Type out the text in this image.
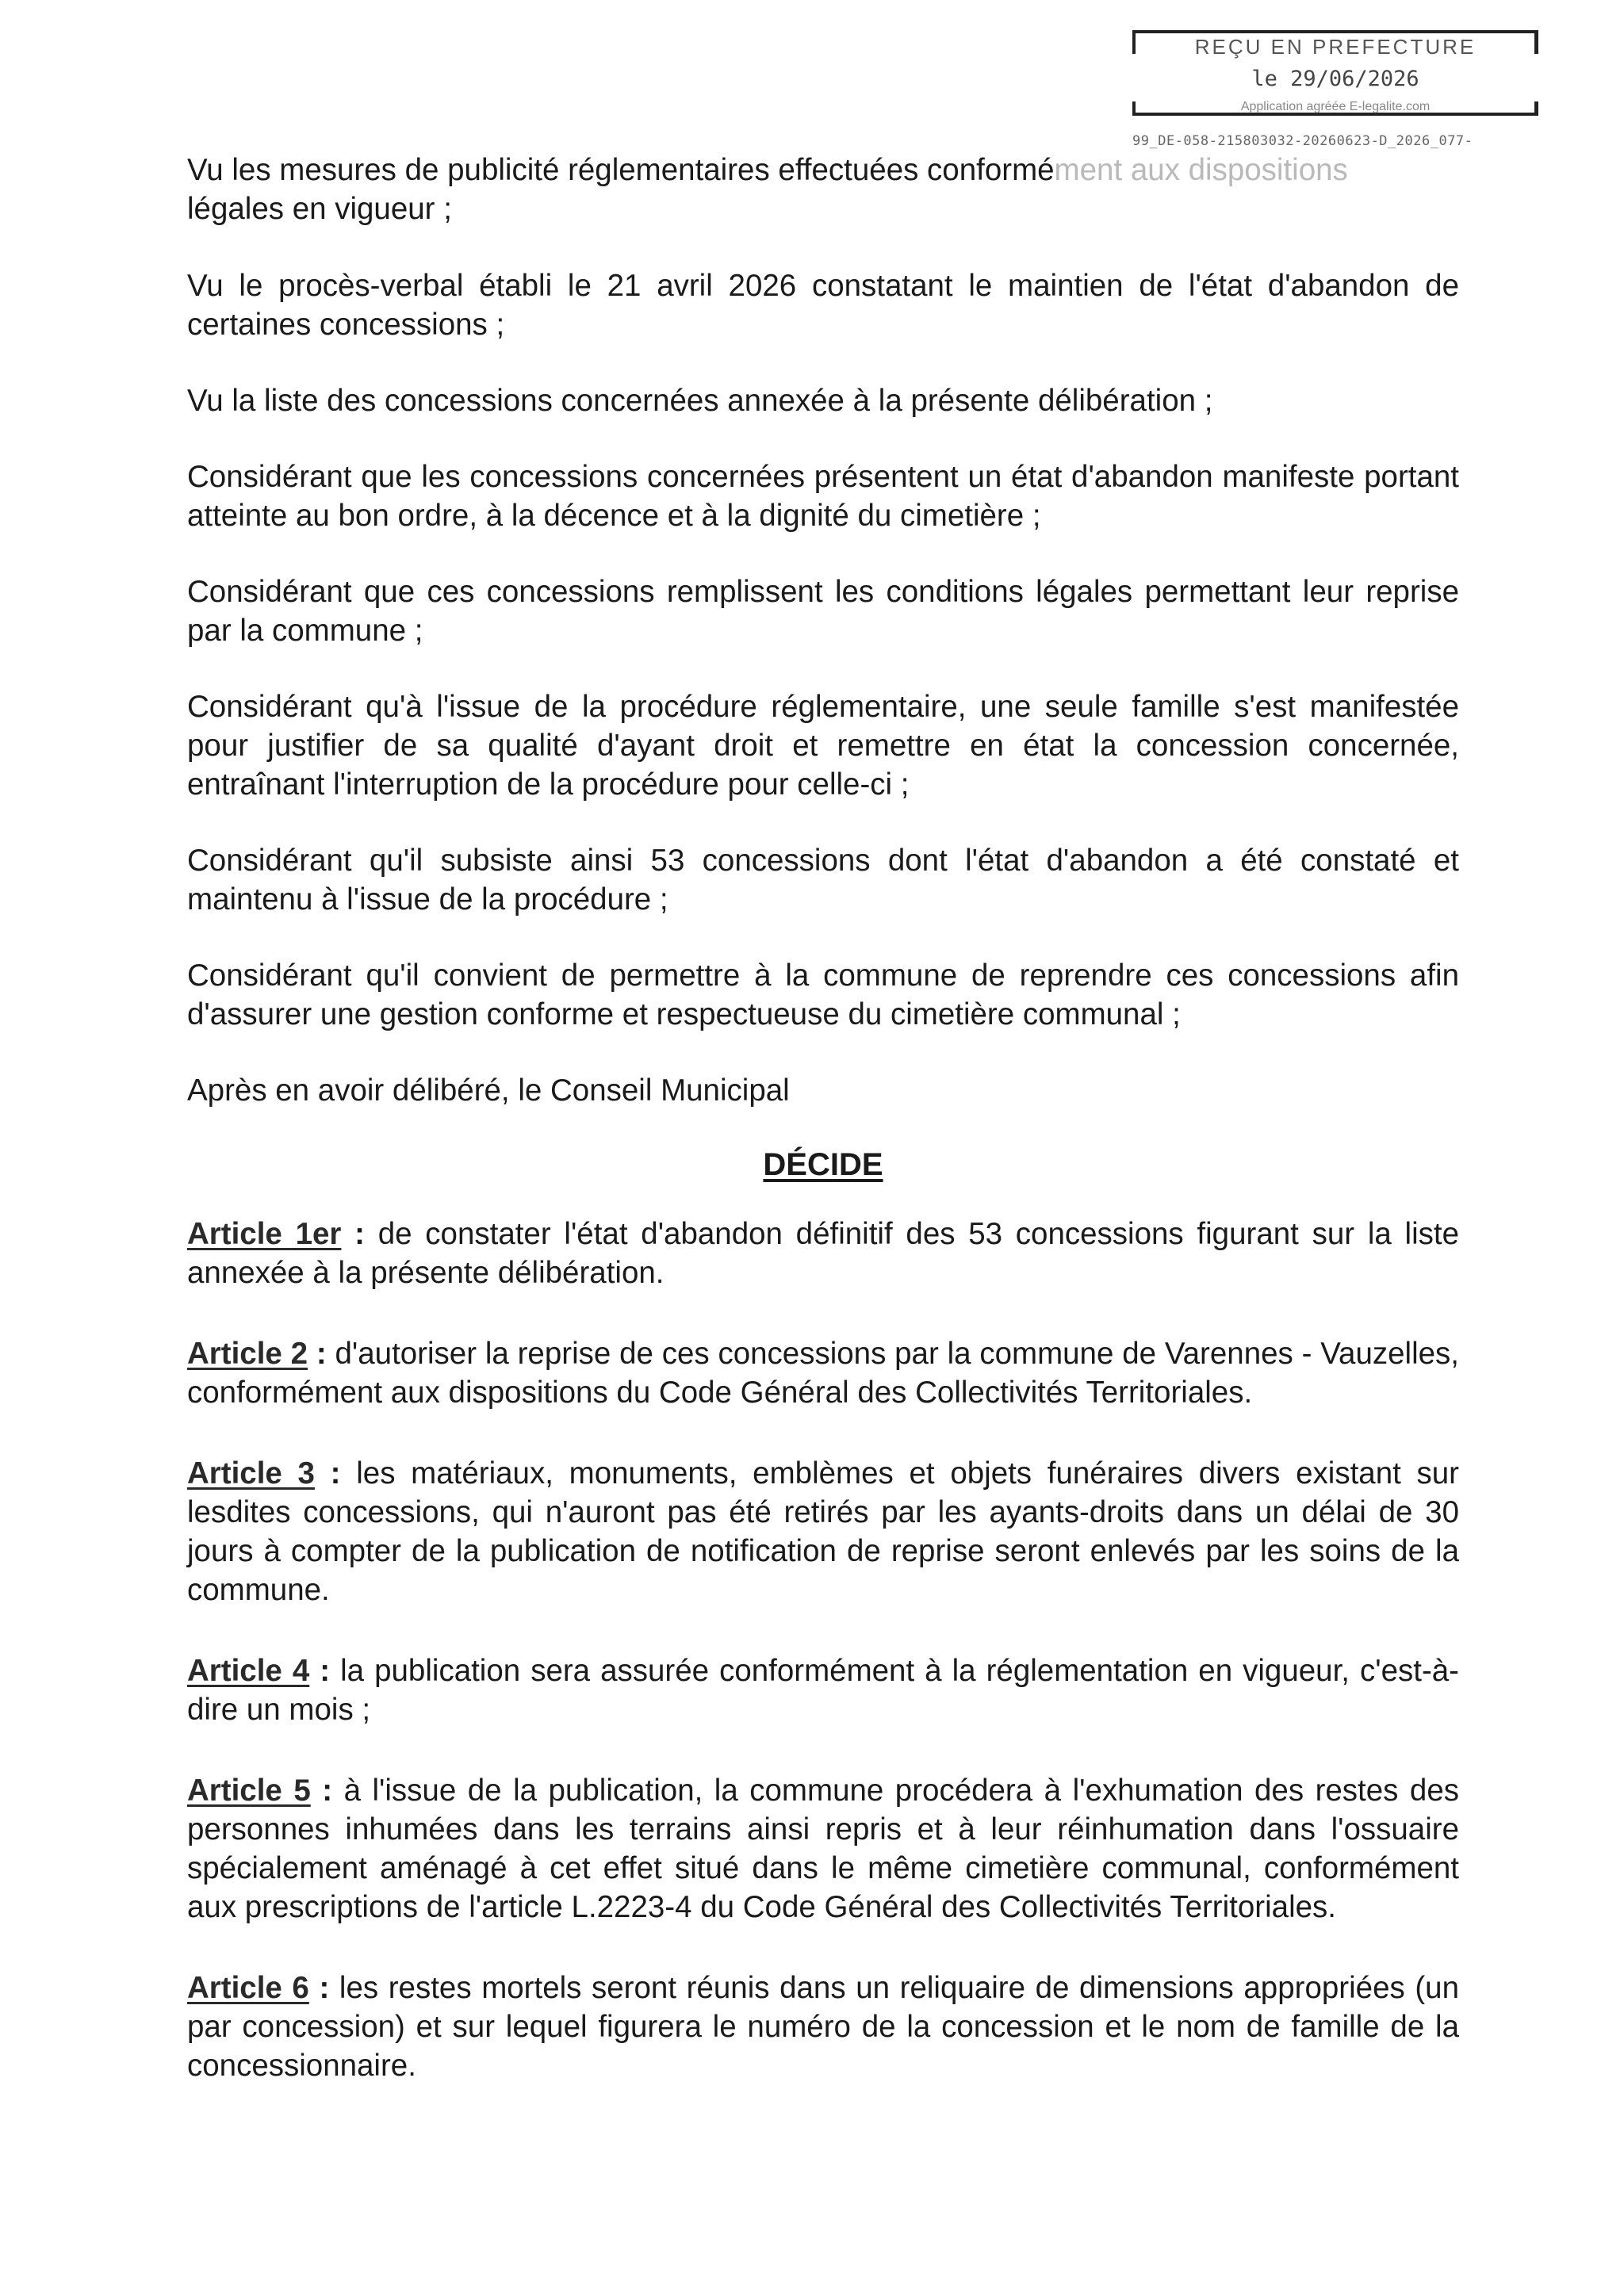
REÇU EN PREFECTURE
le 29/06/2026
Application agréée E-legalite.com
99_DE-058-215803032-20260623-D_2026_077-

Vu les mesures de publicité réglementaires effectuées conformément aux dispositions
légales en vigueur ;

Vu le procès-verbal établi le 21 avril 2026 constatant le maintien de l'état d'abandon de certaines concessions ;

Vu la liste des concessions concernées annexée à la présente délibération ;

Considérant que les concessions concernées présentent un état d'abandon manifeste portant atteinte au bon ordre, à la décence et à la dignité du cimetière ;

Considérant que ces concessions remplissent les conditions légales permettant leur reprise par la commune ;

Considérant qu'à l'issue de la procédure réglementaire, une seule famille s'est manifestée pour justifier de sa qualité d'ayant droit et remettre en état la concession concernée, entraînant l'interruption de la procédure pour celle-ci ;

Considérant qu'il subsiste ainsi 53 concessions dont l'état d'abandon a été constaté et maintenu à l'issue de la procédure ;

Considérant qu'il convient de permettre à la commune de reprendre ces concessions afin d'assurer une gestion conforme et respectueuse du cimetière communal ;

Après en avoir délibéré, le Conseil Municipal

DÉCIDE

Article 1er : de constater l'état d'abandon définitif des 53 concessions figurant sur la liste annexée à la présente délibération.

Article 2 : d'autoriser la reprise de ces concessions par la commune de Varennes - Vauzelles, conformément aux dispositions du Code Général des Collectivités Territoriales.

Article 3 : les matériaux, monuments, emblèmes et objets funéraires divers existant sur lesdites concessions, qui n'auront pas été retirés par les ayants-droits dans un délai de 30 jours à compter de la publication de notification de reprise seront enlevés par les soins de la commune.

Article 4 : la publication sera assurée conformément à la réglementation en vigueur, c'est-à-dire un mois ;

Article 5 : à l'issue de la publication, la commune procédera à l'exhumation des restes des personnes inhumées dans les terrains ainsi repris et à leur réinhumation dans l'ossuaire spécialement aménagé à cet effet situé dans le même cimetière communal, conformément aux prescriptions de l'article L.2223-4 du Code Général des Collectivités Territoriales.

Article 6 : les restes mortels seront réunis dans un reliquaire de dimensions appropriées (un par concession) et sur lequel figurera le numéro de la concession et le nom de famille de la concessionnaire.
